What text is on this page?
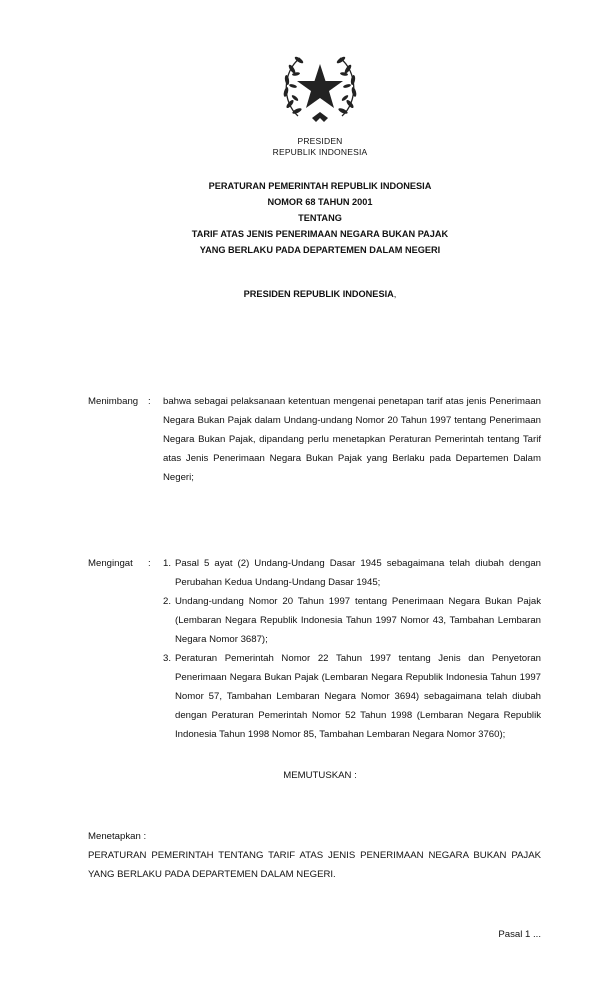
PRESIDEN
REPUBLIK INDONESIA
PERATURAN PEMERINTAH REPUBLIK INDONESIA
NOMOR 68 TAHUN 2001
TENTANG
TARIF ATAS JENIS PENERIMAAN NEGARA BUKAN PAJAK
YANG BERLAKU PADA DEPARTEMEN DALAM NEGERI
PRESIDEN REPUBLIK INDONESIA,
Menimbang : bahwa sebagai pelaksanaan ketentuan mengenai penetapan tarif atas jenis Penerimaan
Negara Bukan Pajak dalam Undang-undang Nomor 20 Tahun 1997 tentang Penerimaan
Negara Bukan Pajak, dipandang perlu menetapkan Peraturan Pemerintah tentang Tarif
atas Jenis Penerimaan Negara Bukan Pajak yang Berlaku pada Departemen Dalam
Negeri;
Mengingat : 1. Pasal 5 ayat (2) Undang-Undang Dasar 1945 sebagaimana telah diubah dengan
Perubahan Kedua Undang-Undang Dasar 1945;
2. Undang-undang Nomor 20 Tahun 1997 tentang Penerimaan Negara Bukan Pajak
(Lembaran Negara Republik Indonesia Tahun 1997 Nomor 43, Tambahan Lembaran
Negara Nomor 3687);
3. Peraturan Pemerintah Nomor 22 Tahun 1997 tentang Jenis dan Penyetoran
Penerimaan Negara Bukan Pajak (Lembaran Negara Republik Indonesia Tahun 1997
Nomor 57, Tambahan Lembaran Negara Nomor 3694) sebagaimana telah diubah
dengan Peraturan Pemerintah Nomor 52 Tahun 1998 (Lembaran Negara Republik
Indonesia Tahun 1998 Nomor 85, Tambahan Lembaran Negara Nomor 3760);
MEMUTUSKAN :
Menetapkan :
PERATURAN PEMERINTAH TENTANG TARIF ATAS JENIS PENERIMAAN NEGARA BUKAN PAJAK
YANG BERLAKU PADA DEPARTEMEN DALAM NEGERI.
Pasal 1 ...
